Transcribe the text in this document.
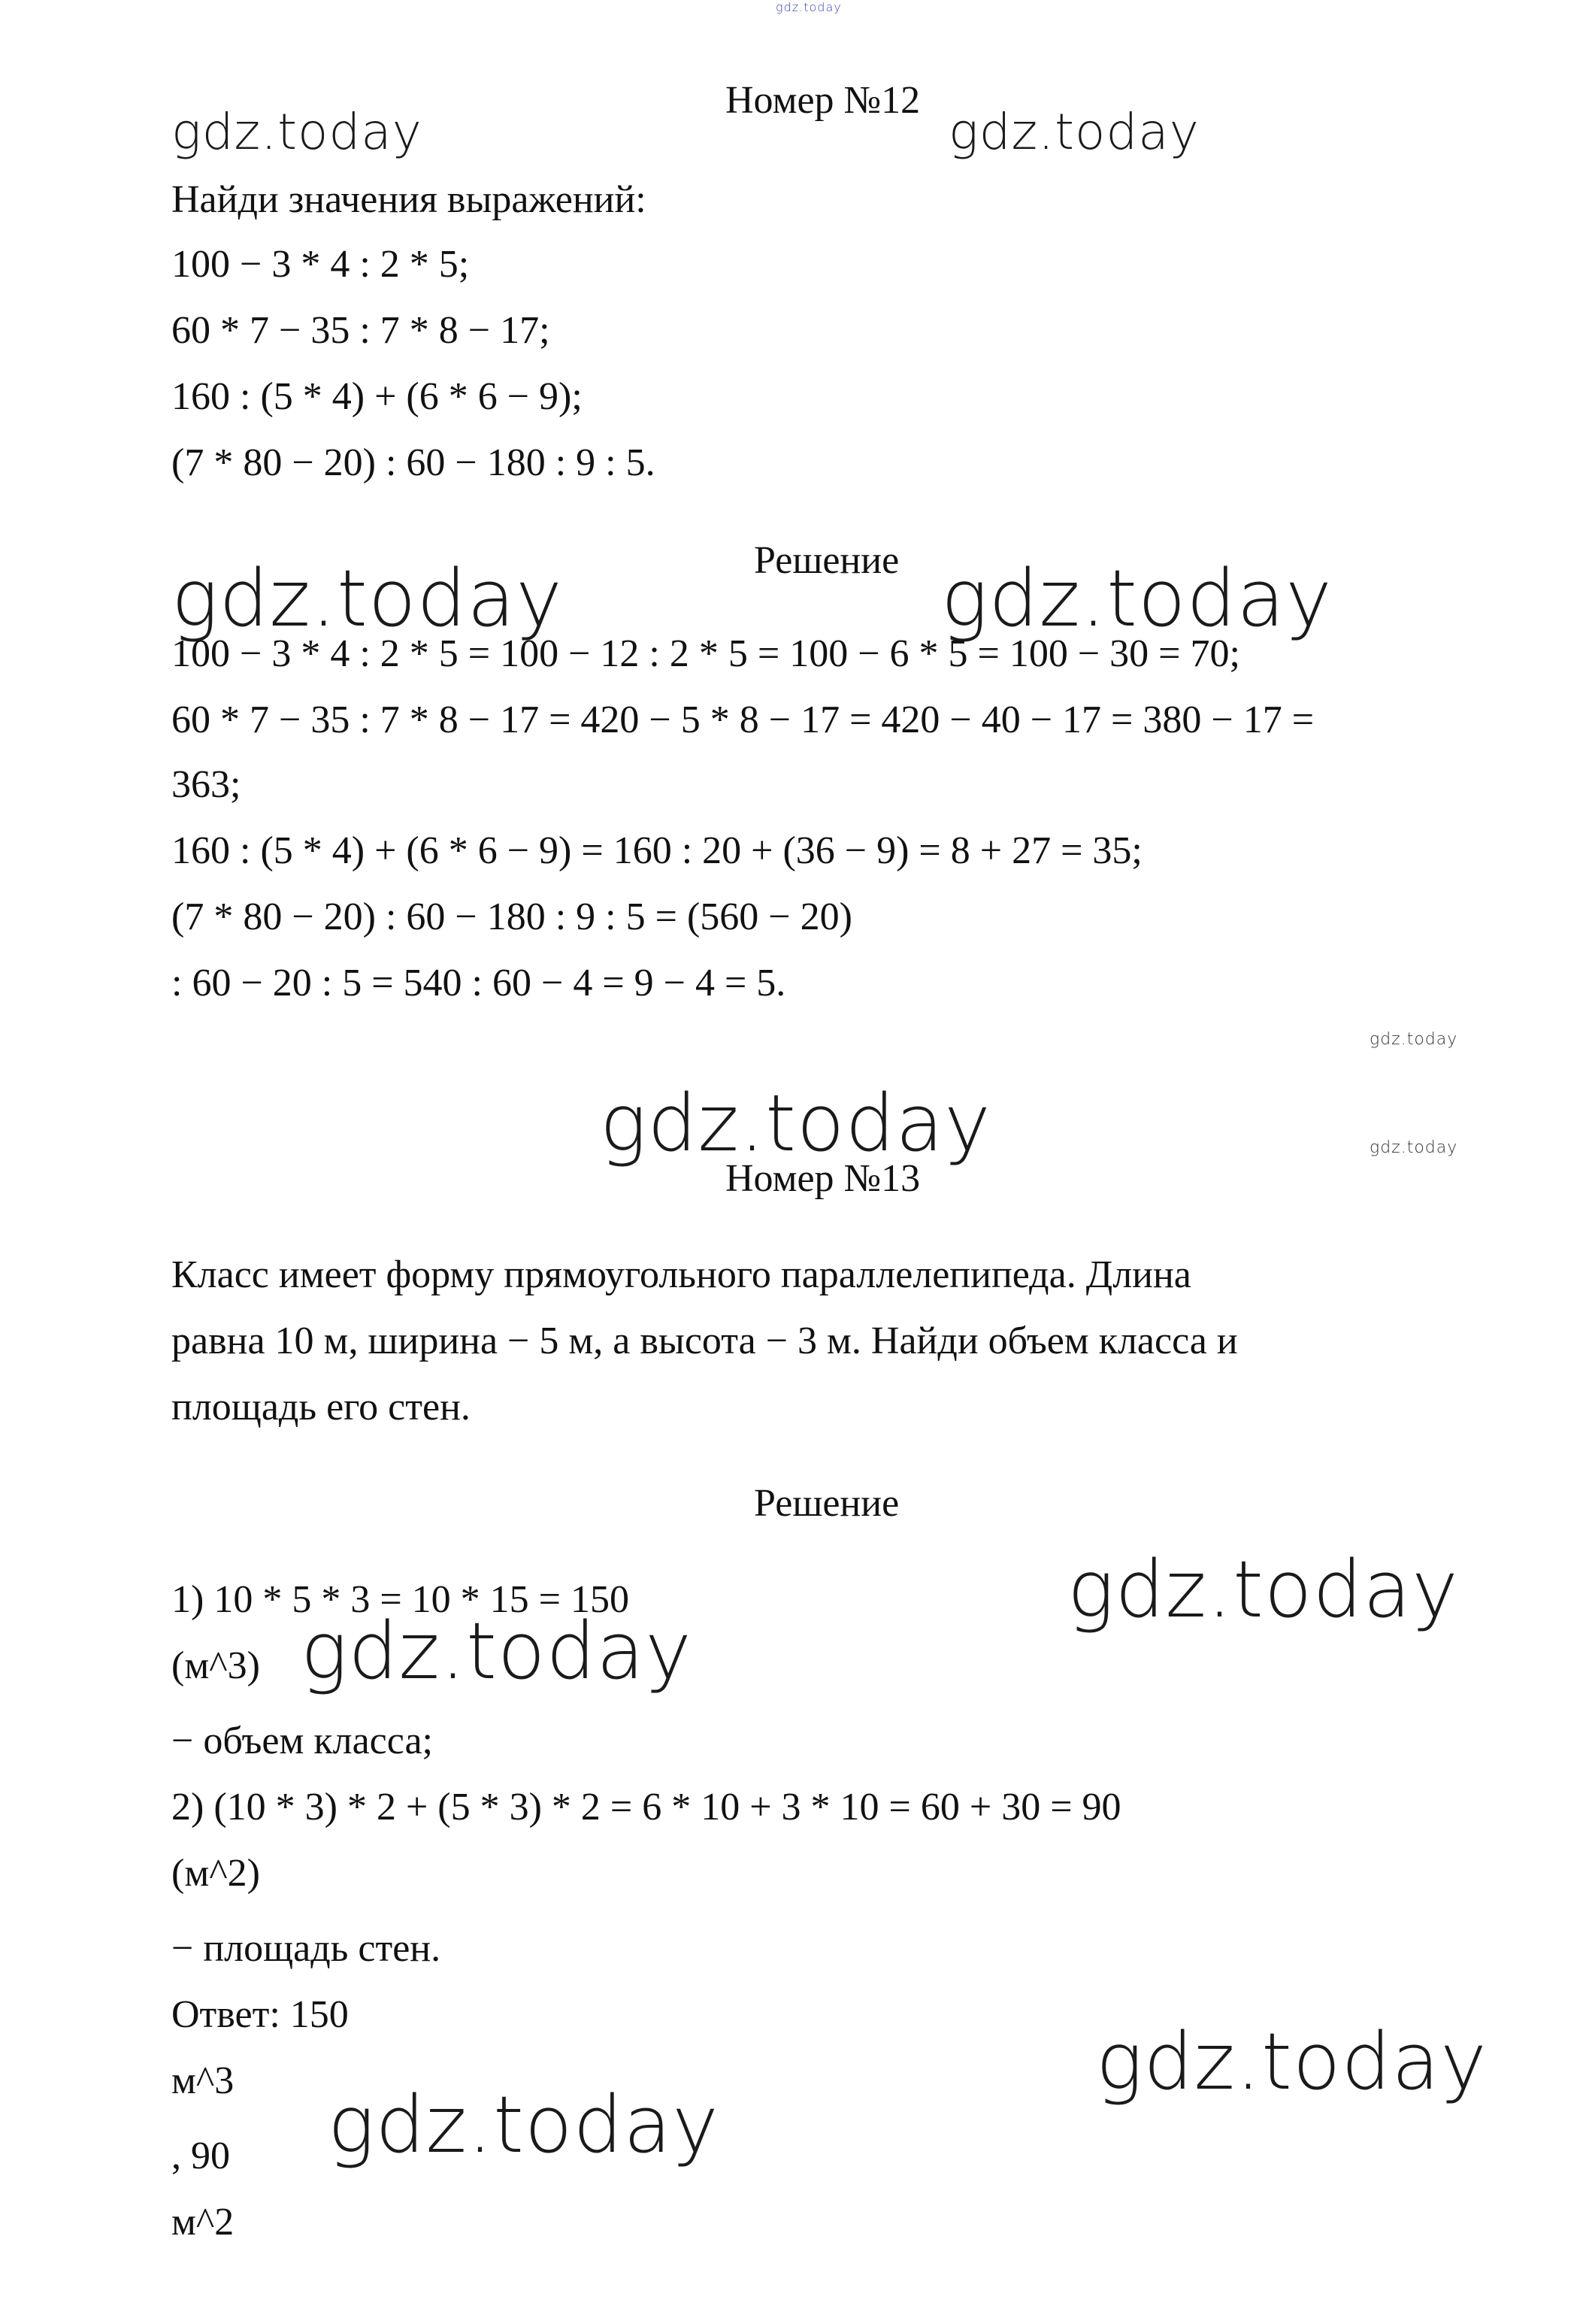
gdz.today
Номер №12
gdz.today	gdz.today
Найди значения выражений:
100 − 3 * 4 : 2 * 5;
60 * 7 − 35 : 7 * 8 − 17;
160 : (5 * 4) + (6 * 6 − 9);
(7 * 80 − 20) : 60 − 180 : 9 : 5.
Решение
gdz.today	gdz.today
100 − 3 * 4 : 2 * 5 = 100 − 12 : 2 * 5 = 100 − 6 * 5 = 100 − 30 = 70;
60 * 7 − 35 : 7 * 8 − 17 = 420 − 5 * 8 − 17 = 420 − 40 − 17 = 380 − 17 =
363;
160 : (5 * 4) + (6 * 6 − 9) = 160 : 20 + (36 − 9) = 8 + 27 = 35;
(7 * 80 − 20) : 60 − 180 : 9 : 5 = (560 − 20)
: 60 − 20 : 5 = 540 : 60 − 4 = 9 − 4 = 5.
gdz.today
gdz.today	gdz.today
Номер №13
Класс имеет форму прямоугольного параллелепипеда. Длина
равна 10 м, ширина − 5 м, а высота − 3 м. Найди объем класса и
площадь его стен.
Решение
1) 10 * 5 * 3 = 10 * 15 = 150	gdz.today
(м^3) gdz.today
− объем класса;
2) (10 * 3) * 2 + (5 * 3) * 2 = 6 * 10 + 3 * 10 = 60 + 30 = 90
(м^2)
− площадь стен.
Ответ: 150
м^3	gdz.today
, 90 gdz.today
м^2
